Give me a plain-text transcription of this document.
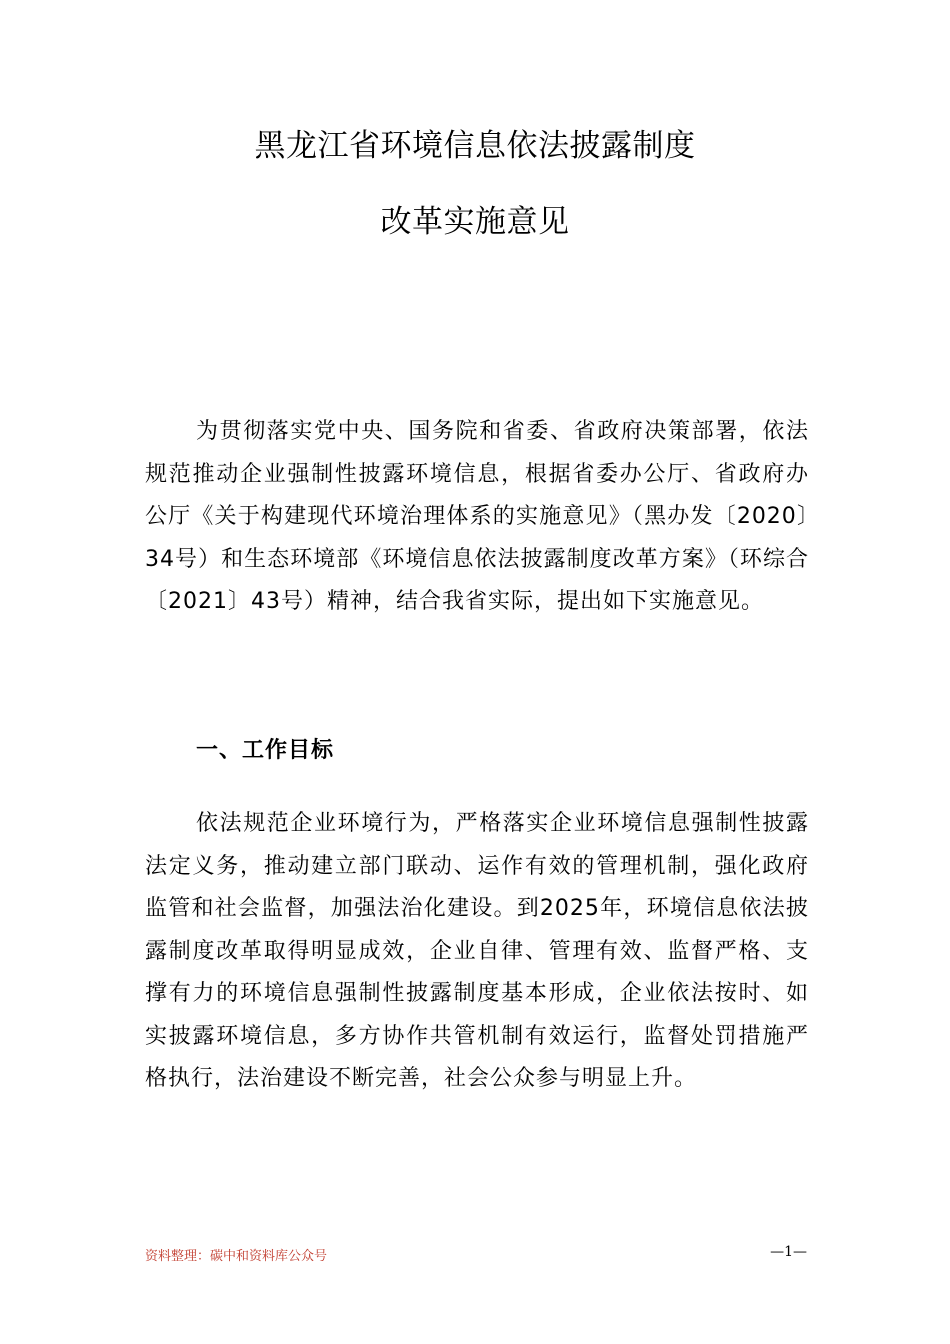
黑龙江省环境信息依法披露制度
改革实施意见
为贯彻落实党中央、国务院和省委、省政府决策部署，依法规范推动企业强制性披露环境信息，根据省委办公厅、省政府办公厅《关于构建现代环境治理体系的实施意见》（黑办发〔2020〕34号）和生态环境部《环境信息依法披露制度改革方案》（环综合〔2021〕43号）精神，结合我省实际，提出如下实施意见。
一、工作目标
依法规范企业环境行为，严格落实企业环境信息强制性披露法定义务，推动建立部门联动、运作有效的管理机制，强化政府监管和社会监督，加强法治化建设。到2025年，环境信息依法披露制度改革取得明显成效，企业自律、管理有效、监督严格、支撑有力的环境信息强制性披露制度基本形成，企业依法按时、如实披露环境信息，多方协作共管机制有效运行，监督处罚措施严格执行，法治建设不断完善，社会公众参与明显上升。
资料整理：碳中和资料库公众号	—1—
